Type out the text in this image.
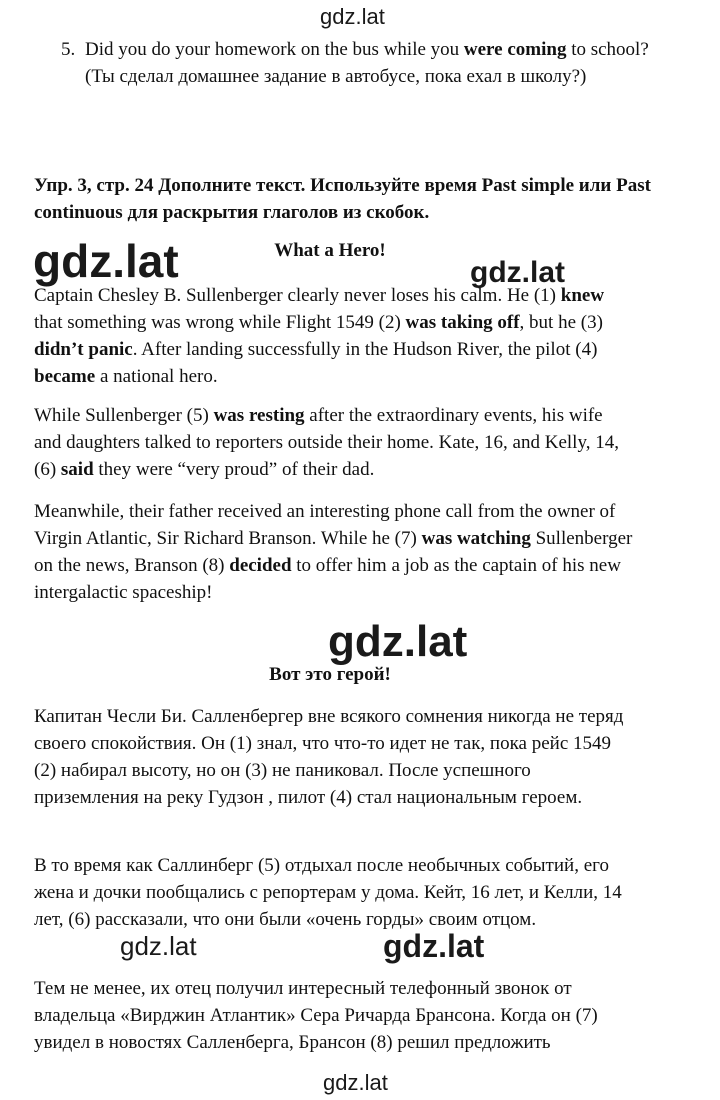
5. Did you do your homework on the bus while you were coming to school? (Ты сделал домашнее задание в автобусе, пока ехал в школу?)
Упр. 3, стр. 24 Дополните текст. Используйте время Past simple или Past continuous для раскрытия глаголов из скобок.
What a Hero!

Captain Chesley B. Sullenberger clearly never loses his calm. He (1) knew that something was wrong while Flight 1549 (2) was taking off, but he (3) didn’t panic. After landing successfully in the Hudson River, the pilot (4) became a national hero.

While Sullenberger (5) was resting after the extraordinary events, his wife and daughters talked to reporters outside their home. Kate, 16, and Kelly, 14, (6) said they were “very proud” of their dad.

Meanwhile, their father received an interesting phone call from the owner of Virgin Atlantic, Sir Richard Branson. While he (7) was watching Sullenberger on the news, Branson (8) decided to offer him a job as the captain of his new intergalactic spaceship!

Вот это герой!

Капитан Чесли Би. Салленбергер вне всякого сомнения никогда не теряд своего спокойствия. Он (1) знал, что что-то идет не так, пока рейс 1549 (2) набирал высоту, но он (3) не паниковал. После успешного приземления на реку Гудзон , пилот (4) стал национальным героем.

В то время как Саллинберг (5) отдыхал после необычных событий, его жена и дочки пообщались с репортерам у дома. Кейт, 16 лет, и Келли, 14 лет, (6) рассказали, что они были «очень горды» своим отцом.

Тем не менее, их отец получил интересный телефонный звонок от владельца «Вирджин Атлантик» Сера Ричарда Брансона. Когда он (7) увидел в новостях Салленберга, Брансон (8) решил предложить

gdz.lat
gdz.lat	gdz.lat
gdz.lat
gdz.lat	gdz.lat
gdz.lat
